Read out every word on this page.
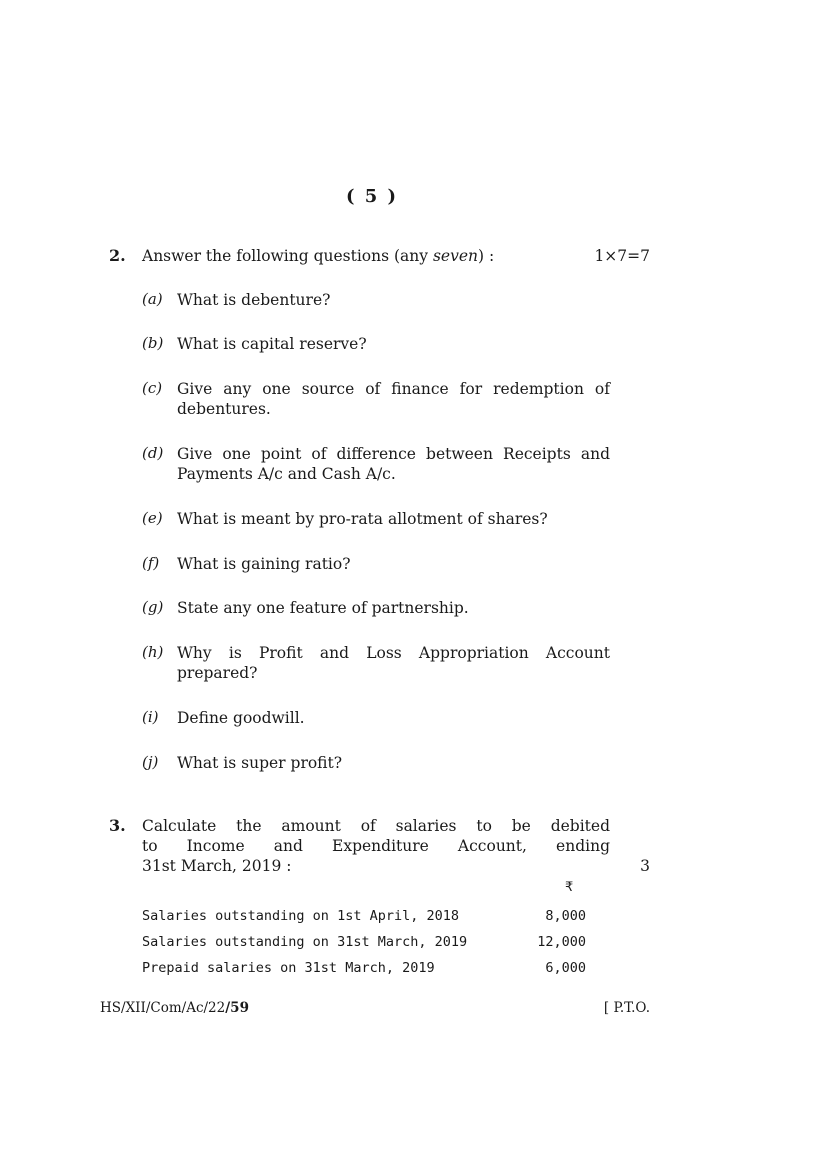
( 5 )
2. Answer the following questions (any seven) :	1×7=7
(a) What is debenture?
(b) What is capital reserve?
(c) Give any one source of finance for redemption of
debentures.
(d) Give one point of difference between Receipts and
Payments A/c and Cash A/c.
(e) What is meant by pro-rata allotment of shares?
(f) What is gaining ratio?
(g) State any one feature of partnership.
(h) Why is Profit and Loss Appropriation Account
prepared?
(i) Define goodwill.
(j) What is super profit?
3. Calculate the amount of salaries to be debited
to Income and Expenditure Account, ending
31st March, 2019 :	3
₹
Salaries outstanding on 1st April, 2018	8,000
Salaries outstanding on 31st March, 2019	12,000
Prepaid salaries on 31st March, 2019	6,000
HS/XII/Com/Ac/22/59	[ P.T.O.
